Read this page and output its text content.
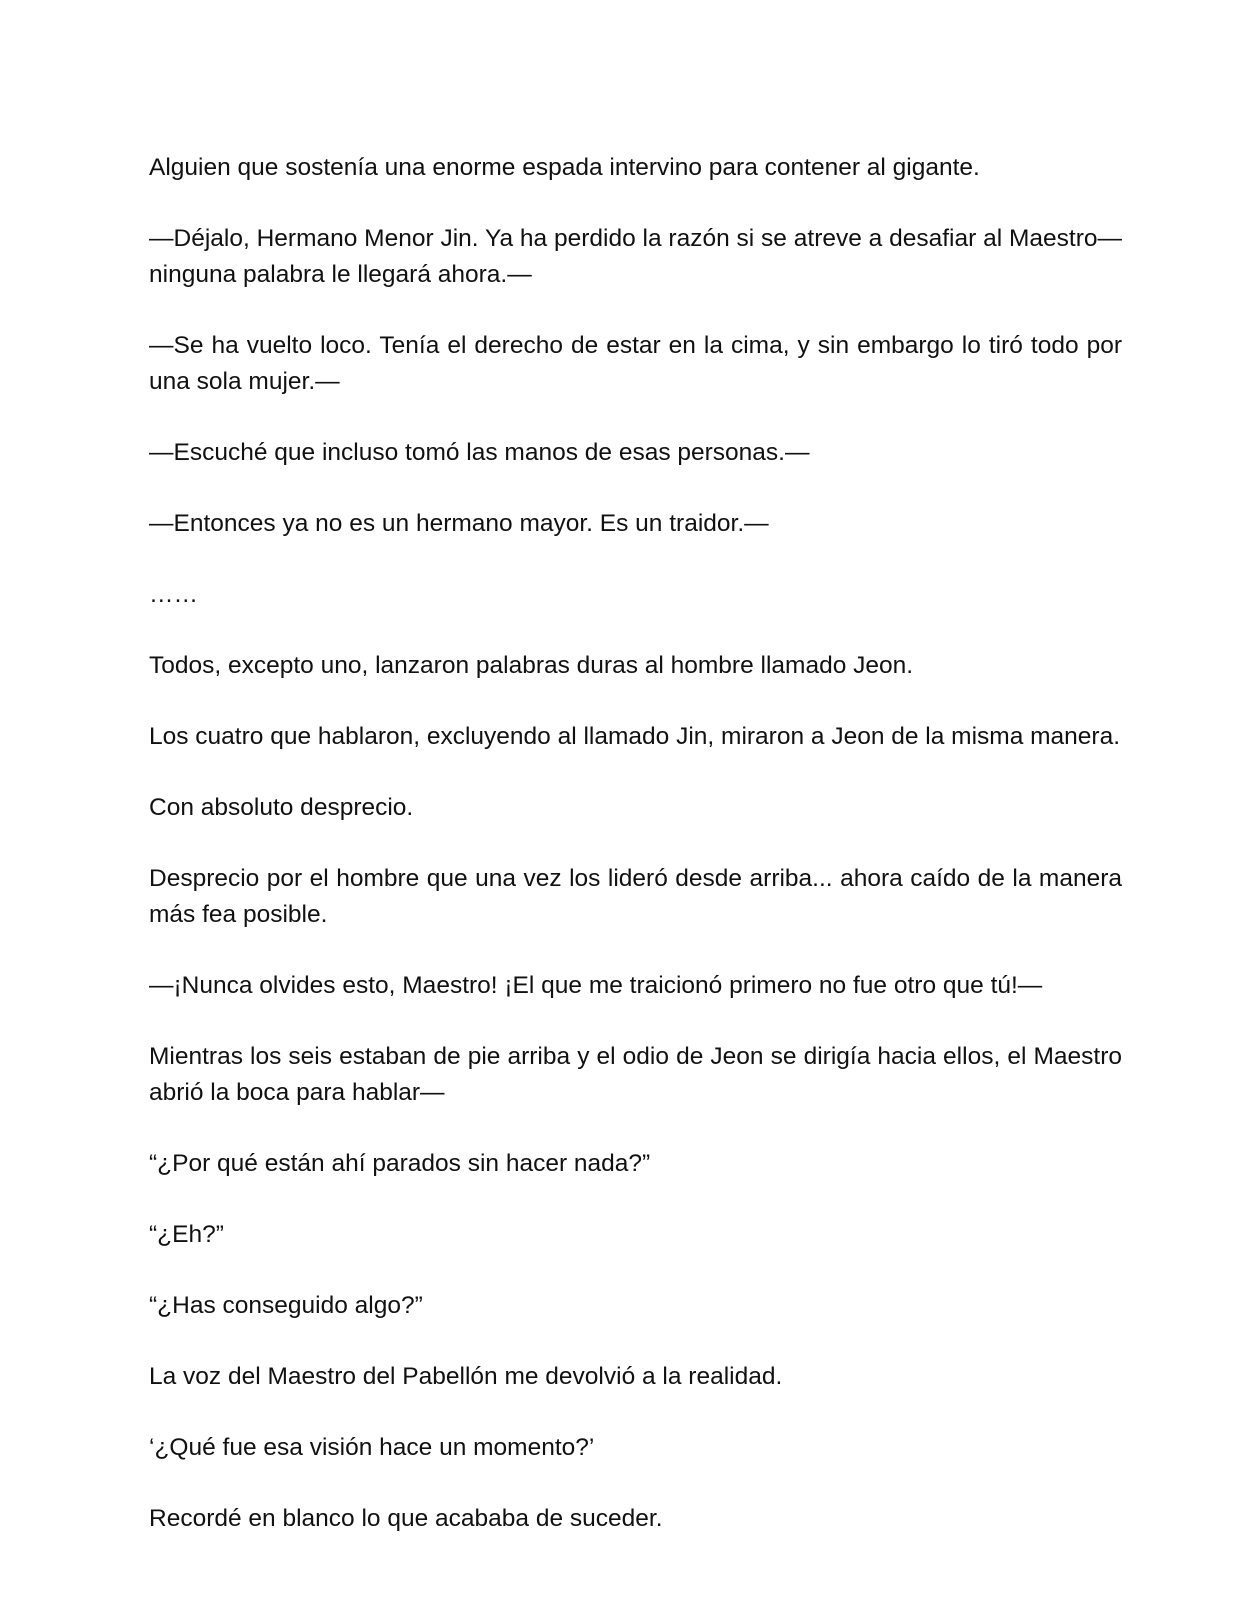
Alguien que sostenía una enorme espada intervino para contener al gigante.

—Déjalo, Hermano Menor Jin. Ya ha perdido la razón si se atreve a desafiar al Maestro—ninguna palabra le llegará ahora.—

—Se ha vuelto loco. Tenía el derecho de estar en la cima, y sin embargo lo tiró todo por una sola mujer.—

—Escuché que incluso tomó las manos de esas personas.—

—Entonces ya no es un hermano mayor. Es un traidor.—

……

Todos, excepto uno, lanzaron palabras duras al hombre llamado Jeon.

Los cuatro que hablaron, excluyendo al llamado Jin, miraron a Jeon de la misma manera.

Con absoluto desprecio.

Desprecio por el hombre que una vez los lideró desde arriba... ahora caído de la manera más fea posible.

—¡Nunca olvides esto, Maestro! ¡El que me traicionó primero no fue otro que tú!—

Mientras los seis estaban de pie arriba y el odio de Jeon se dirigía hacia ellos, el Maestro abrió la boca para hablar—

“¿Por qué están ahí parados sin hacer nada?”

“¿Eh?”

“¿Has conseguido algo?”

La voz del Maestro del Pabellón me devolvió a la realidad.

‘¿Qué fue esa visión hace un momento?’

Recordé en blanco lo que acababa de suceder.
